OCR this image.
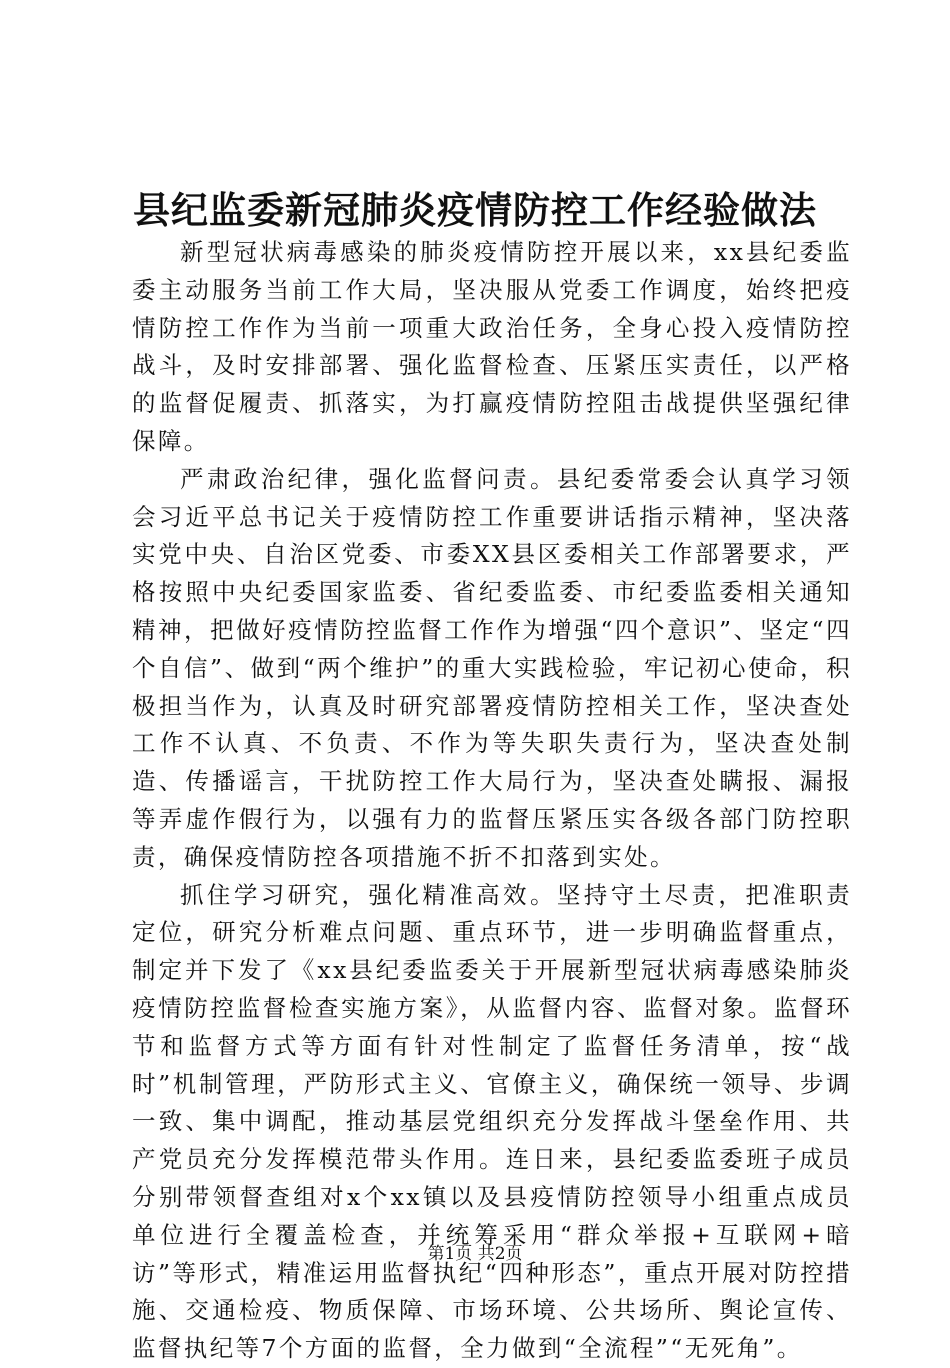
县纪监委新冠肺炎疫情防控工作经验做法

新型冠状病毒感染的肺炎疫情防控开展以来，xx县纪委监委主动服务当前工作大局，坚决服从党委工作调度，始终把疫情防控工作作为当前一项重大政治任务，全身心投入疫情防控战斗，及时安排部署、强化监督检查、压紧压实责任，以严格的监督促履责、抓落实，为打赢疫情防控阻击战提供坚强纪律保障。

严肃政治纪律，强化监督问责。县纪委常委会认真学习领会习近平总书记关于疫情防控工作重要讲话指示精神，坚决落实党中央、自治区党委、市委XX县区委相关工作部署要求，严格按照中央纪委国家监委、省纪委监委、市纪委监委相关通知精神，把做好疫情防控监督工作作为增强“四个意识”、坚定“四个自信”、做到“两个维护”的重大实践检验，牢记初心使命，积极担当作为，认真及时研究部署疫情防控相关工作，坚决查处工作不认真、不负责、不作为等失职失责行为，坚决查处制造、传播谣言，干扰防控工作大局行为，坚决查处瞒报、漏报等弄虚作假行为，以强有力的监督压紧压实各级各部门防控职责，确保疫情防控各项措施不折不扣落到实处。

抓住学习研究，强化精准高效。坚持守土尽责，把准职责定位，研究分析难点问题、重点环节，进一步明确监督重点，制定并下发了《xx县纪委监委关于开展新型冠状病毒感染肺炎疫情防控监督检查实施方案》，从监督内容、监督对象。监督环节和监督方式等方面有针对性制定了监督任务清单，按“战时”机制管理，严防形式主义、官僚主义，确保统一领导、步调一致、集中调配，推动基层党组织充分发挥战斗堡垒作用、共产党员充分发挥模范带头作用。连日来，县纪委监委班子成员分别带领督查组对x个xx镇以及县疫情防控领导小组重点成员单位进行全覆盖检查，并统筹采用“群众举报+互联网+暗访”等形式，精准运用监督执纪“四种形态”，重点开展对防控措施、交通检疫、物质保障、市场环境、公共场所、舆论宣传、监督执纪等7个方面的监督，全力做到“全流程”“无死角”。

第1页 共2页
